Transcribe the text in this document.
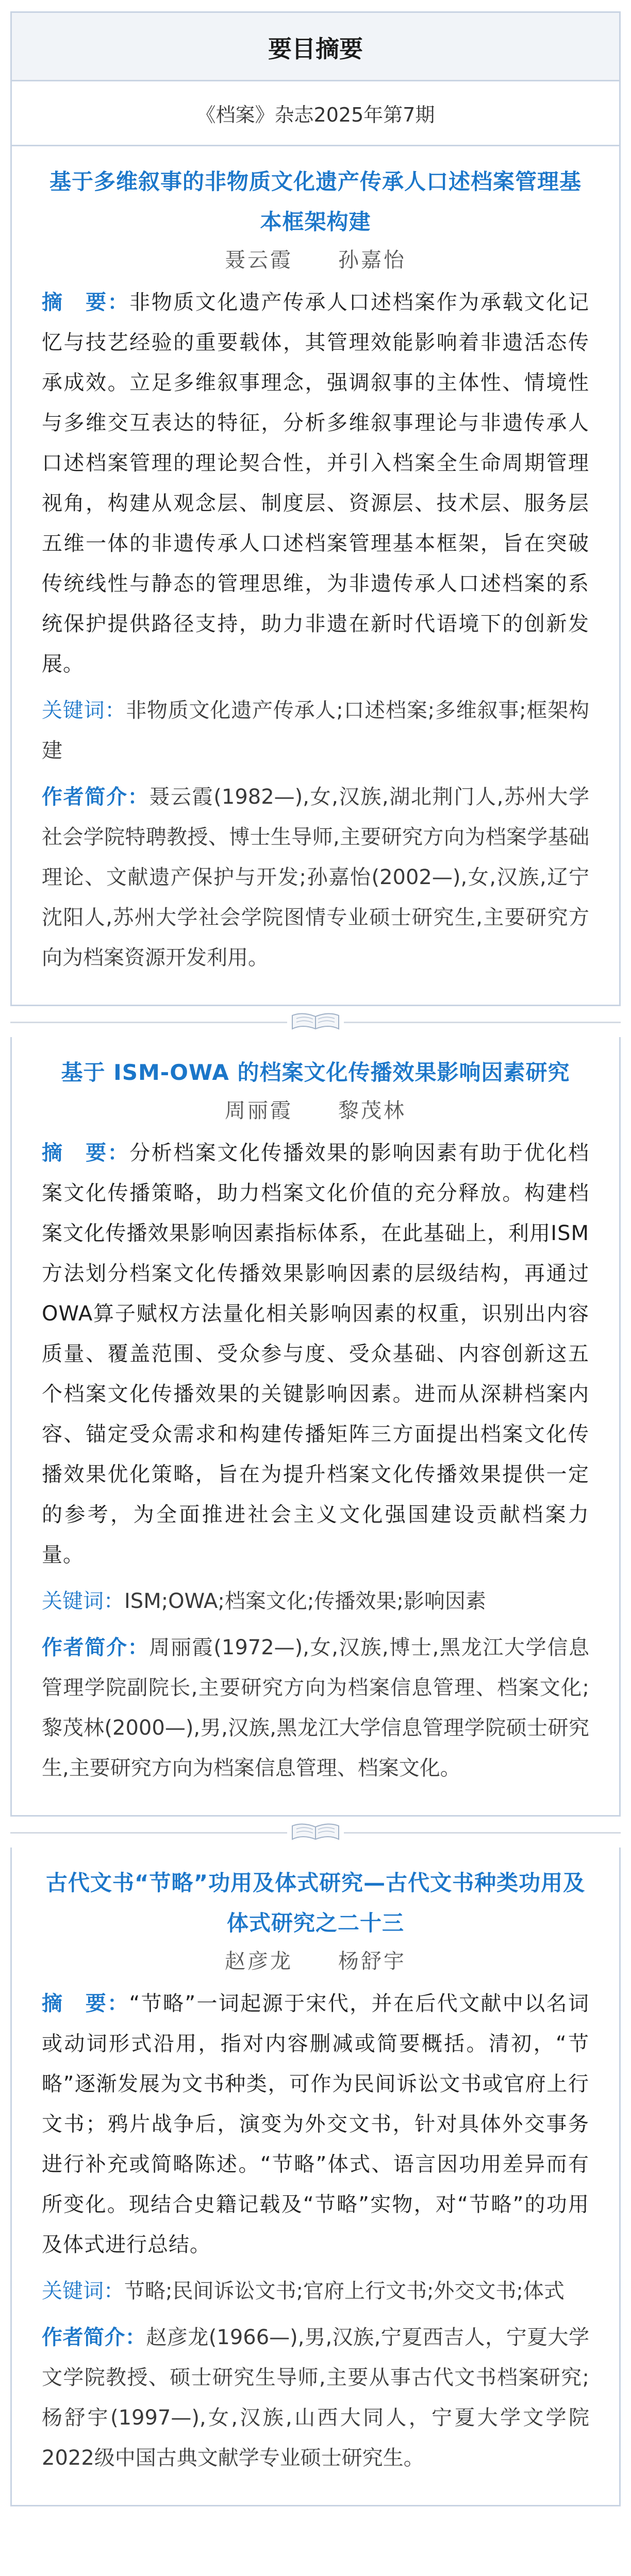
要目摘要
《档案》杂志2025年第7期
基于多维叙事的非物质文化遗产传承人口述档案管理基本框架构建
聂云霞　　孙嘉怡
摘　要：非物质文化遗产传承人口述档案作为承载文化记忆与技艺经验的重要载体，其管理效能影响着非遗活态传承成效。立足多维叙事理念，强调叙事的主体性、情境性与多维交互表达的特征，分析多维叙事理论与非遗传承人口述档案管理的理论契合性，并引入档案全生命周期管理视角，构建从观念层、制度层、资源层、技术层、服务层五维一体的非遗传承人口述档案管理基本框架，旨在突破传统线性与静态的管理思维，为非遗传承人口述档案的系统保护提供路径支持，助力非遗在新时代语境下的创新发展。
关键词：非物质文化遗产传承人;口述档案;多维叙事;框架构建
作者简介：聂云霞(1982—),女,汉族,湖北荆门人,苏州大学社会学院特聘教授、博士生导师,主要研究方向为档案学基础理论、文献遗产保护与开发;孙嘉怡(2002—),女,汉族,辽宁沈阳人,苏州大学社会学院图情专业硕士研究生,主要研究方向为档案资源开发利用。
基于 ISM-OWA 的档案文化传播效果影响因素研究
周丽霞　　黎茂林
摘　要：分析档案文化传播效果的影响因素有助于优化档案文化传播策略，助力档案文化价值的充分释放。构建档案文化传播效果影响因素指标体系，在此基础上，利用ISM方法划分档案文化传播效果影响因素的层级结构，再通过OWA算子赋权方法量化相关影响因素的权重，识别出内容质量、覆盖范围、受众参与度、受众基础、内容创新这五个档案文化传播效果的关键影响因素。进而从深耕档案内容、锚定受众需求和构建传播矩阵三方面提出档案文化传播效果优化策略，旨在为提升档案文化传播效果提供一定的参考，为全面推进社会主义文化强国建设贡献档案力量。
关键词：ISM;OWA;档案文化;传播效果;影响因素
作者简介：周丽霞(1972—),女,汉族,博士,黑龙江大学信息管理学院副院长,主要研究方向为档案信息管理、档案文化;黎茂林(2000—),男,汉族,黑龙江大学信息管理学院硕士研究生,主要研究方向为档案信息管理、档案文化。
古代文书“节略”功用及体式研究—古代文书种类功用及体式研究之二十三
赵彦龙　　杨舒宇
摘　要：“节略”一词起源于宋代，并在后代文献中以名词或动词形式沿用，指对内容删减或简要概括。清初，“节略”逐渐发展为文书种类，可作为民间诉讼文书或官府上行文书；鸦片战争后，演变为外交文书，针对具体外交事务进行补充或简略陈述。“节略”体式、语言因功用差异而有所变化。现结合史籍记载及“节略”实物，对“节略”的功用及体式进行总结。
关键词：节略;民间诉讼文书;官府上行文书;外交文书;体式
作者简介：赵彦龙(1966—),男,汉族,宁夏西吉人，宁夏大学文学院教授、硕士研究生导师,主要从事古代文书档案研究;杨舒宇(1997—),女,汉族,山西大同人，宁夏大学文学院2022级中国古典文献学专业硕士研究生。
